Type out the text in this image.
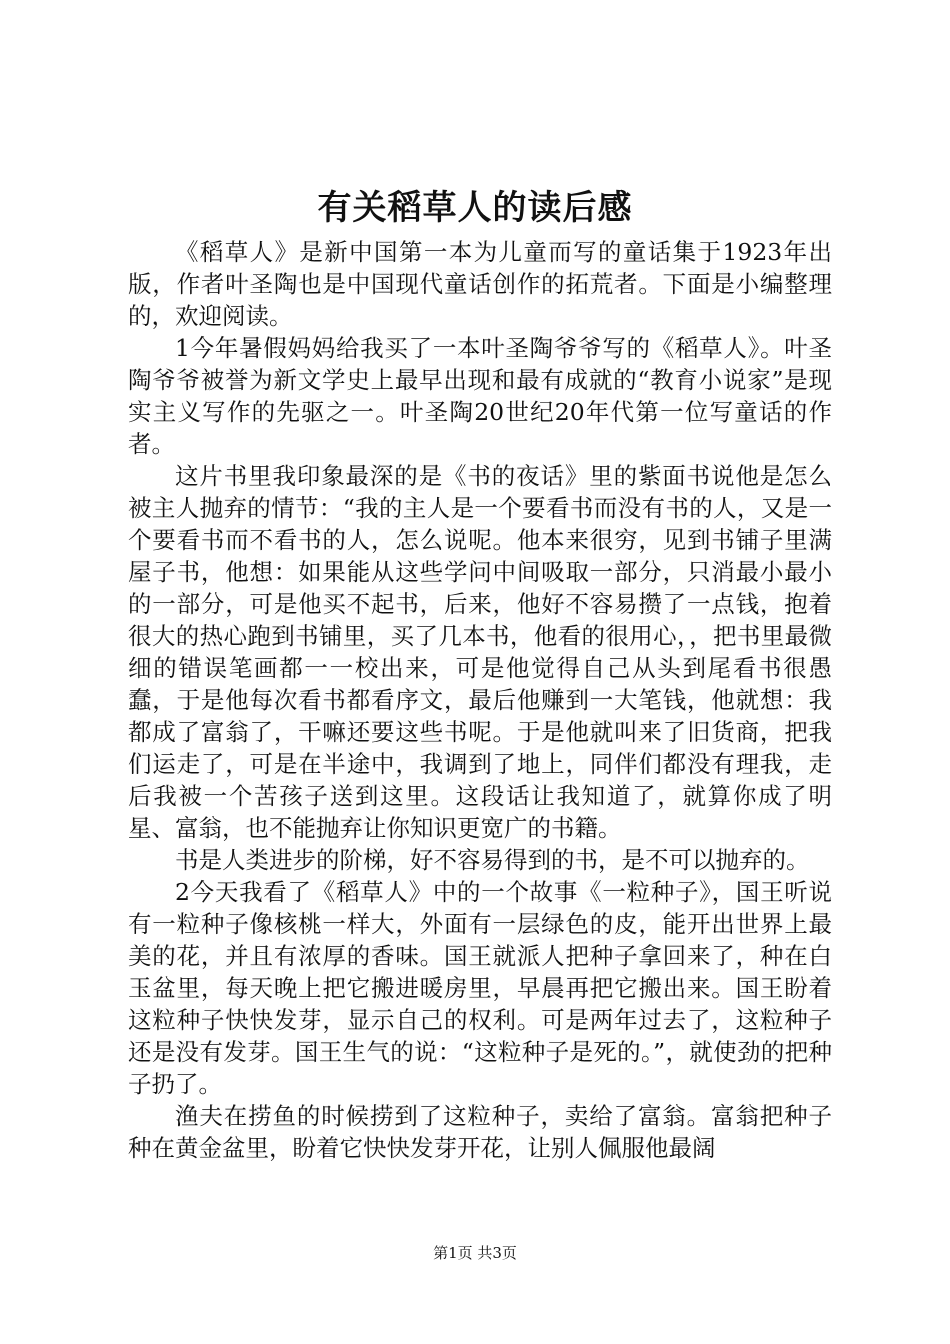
有关稻草人的读后感

《稻草人》是新中国第一本为儿童而写的童话集于1923年出版，作者叶圣陶也是中国现代童话创作的拓荒者。下面是小编整理的，欢迎阅读。

1今年暑假妈妈给我买了一本叶圣陶爷爷写的《稻草人》。叶圣陶爷爷被誉为新文学史上最早出现和最有成就的“教育小说家”是现实主义写作的先驱之一。叶圣陶20世纪20年代第一位写童话的作者。

这片书里我印象最深的是《书的夜话》里的紫面书说他是怎么被主人抛弃的情节：“我的主人是一个要看书而没有书的人，又是一个要看书而不看书的人，怎么说呢。他本来很穷，见到书铺子里满屋子书，他想：如果能从这些学问中间吸取一部分，只消最小最小的一部分，可是他买不起书，后来，他好不容易攒了一点钱，抱着很大的热心跑到书铺里，买了几本书，他看的很用心，，把书里最微细的错误笔画都一一校出来，可是他觉得自己从头到尾看书很愚蠢，于是他每次看书都看序文，最后他赚到一大笔钱，他就想：我都成了富翁了，干嘛还要这些书呢。于是他就叫来了旧货商，把我们运走了，可是在半途中，我调到了地上，同伴们都没有理我，走后我被一个苦孩子送到这里。这段话让我知道了，就算你成了明星、富翁，也不能抛弃让你知识更宽广的书籍。

书是人类进步的阶梯，好不容易得到的书，是不可以抛弃的。

2今天我看了《稻草人》中的一个故事《一粒种子》，国王听说有一粒种子像核桃一样大，外面有一层绿色的皮，能开出世界上最美的花，并且有浓厚的香味。国王就派人把种子拿回来了，种在白玉盆里，每天晚上把它搬进暖房里，早晨再把它搬出来。国王盼着这粒种子快快发芽，显示自己的权利。可是两年过去了，这粒种子还是没有发芽。国王生气的说：“这粒种子是死的。”，就使劲的把种子扔了。

渔夫在捞鱼的时候捞到了这粒种子，卖给了富翁。富翁把种子种在黄金盆里，盼着它快快发芽开花，让别人佩服他最阔

第1页 共3页
